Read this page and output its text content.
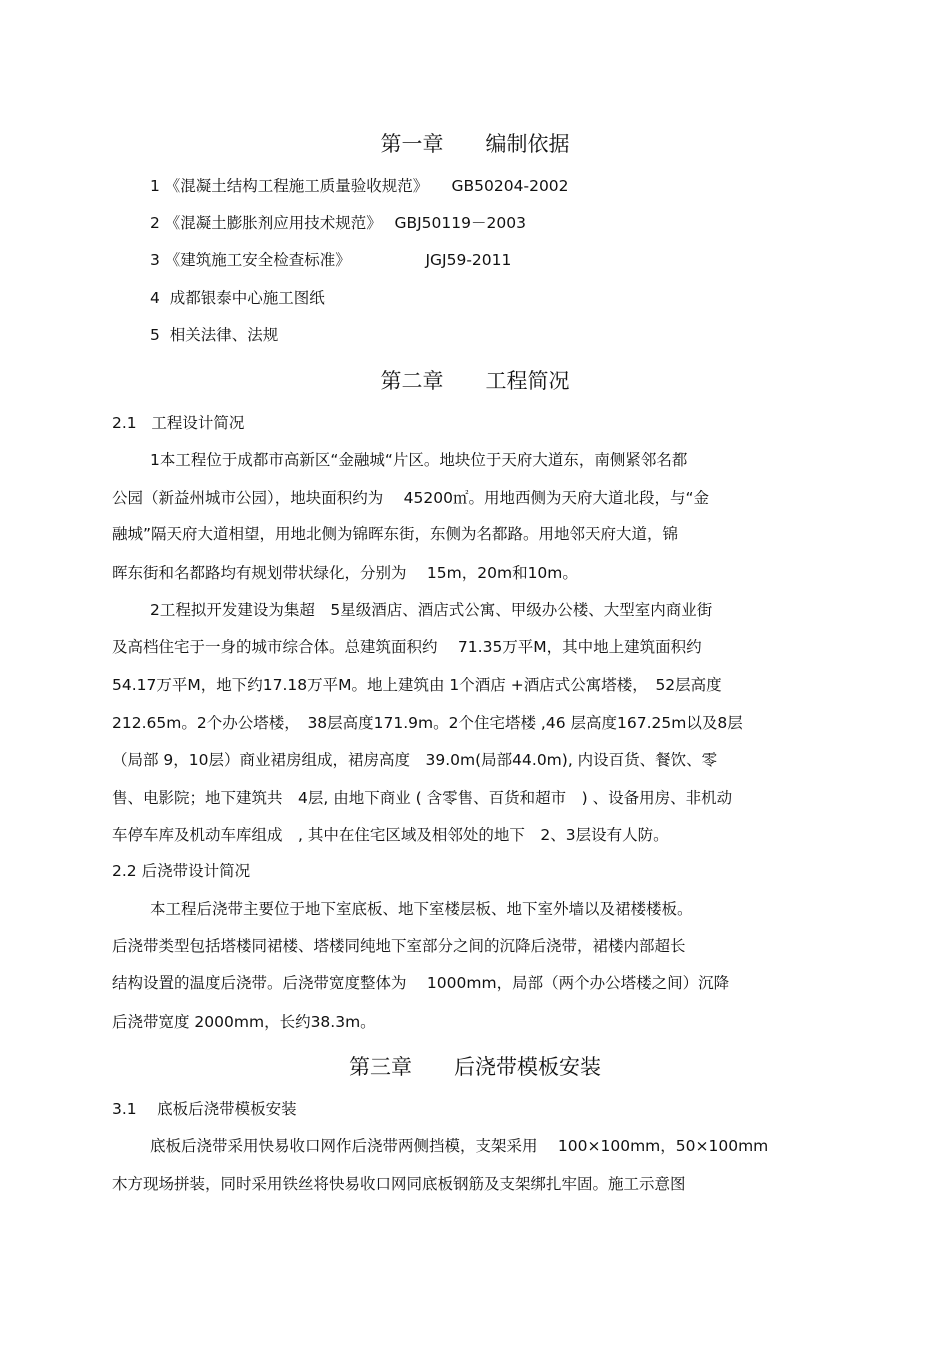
第一章　　编制依据
1 《混凝土结构工程施工质量验收规范》　　GB50204-2002
2 《混凝土膨胀剂应用技术规范》　 GBJ50119－2003
3 《建筑施工安全检查标准》　　　　　 JGJ59-2011
4  成都银泰中心施工图纸
5  相关法律、法规
第二章　　工程简况
2.1   工程设计简况
1本工程位于成都市高新区“金融城“片区。地块位于天府大道东，南侧紧邻名都
公园（新益州城市公园），地块面积约为　 45200㎡。用地西侧为天府大道北段，与“金
融城”隔天府大道相望，用地北侧为锦晖东街，东侧为名都路。用地邻天府大道，锦
晖东街和名都路均有规划带状绿化，分别为　 15m，20m和10m。
2工程拟开发建设为集超　5星级酒店、酒店式公寓、甲级办公楼、大型室内商业街
及高档住宅于一身的城市综合体。总建筑面积约　 71.35万平M，其中地上建筑面积约
54.17万平M，地下约17.18万平M。地上建筑由 1个酒店 +酒店式公寓塔楼，　52层高度
212.65m。2个办公塔楼，　38层高度171.9m。2个住宅塔楼 ,46 层高度167.25m以及8层
（局部 9，10层）商业裙房组成，裙房高度　39.0m(局部44.0m), 内设百货、餐饮、零
售、电影院；地下建筑共　4层, 由地下商业 ( 含零售、百货和超市　) 、设备用房、非机动
车停车库及机动车库组成　, 其中在住宅区域及相邻处的地下　2、3层设有人防。
2.2 后浇带设计简况
本工程后浇带主要位于地下室底板、地下室楼层板、地下室外墙以及裙楼楼板。
后浇带类型包括塔楼同裙楼、塔楼同纯地下室部分之间的沉降后浇带，裙楼内部超长
结构设置的温度后浇带。后浇带宽度整体为　 1000mm，局部（两个办公塔楼之间）沉降
后浇带宽度 2000mm，长约38.3m。
第三章　　后浇带模板安装
3.1　 底板后浇带模板安装
底板后浇带采用快易收口网作后浇带两侧挡模，支架采用　 100×100mm，50×100mm
木方现场拼装，同时采用铁丝将快易收口网同底板钢筋及支架绑扎牢固。施工示意图
